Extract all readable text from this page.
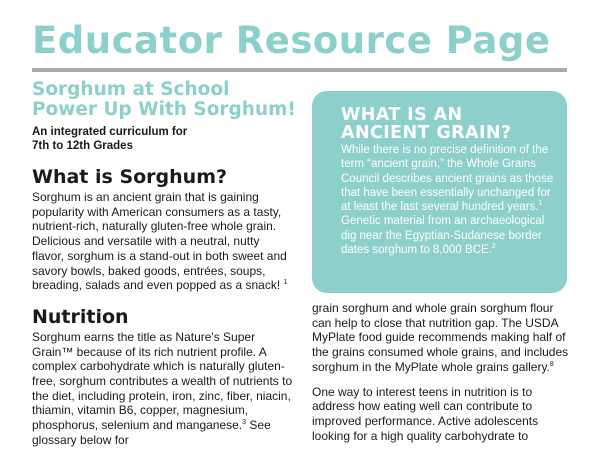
Educator Resource Page
Sorghum at School
Power Up With Sorghum!

An integrated curriculum for
7th to 12th Grades

What is Sorghum?

Sorghum is an ancient grain that is gaining popularity with American consumers as a tasty, nutrient-rich, naturally gluten-free whole grain. Delicious and versatile with a neutral, nutty flavor, sorghum is a stand-out in both sweet and savory bowls, baked goods, entrées, soups, breading, salads and even popped as a snack! $^1$

Nutrition

Sorghum earns the title as Nature's Super Grain™ because of its rich nutrient profile. A complex carbohydrate which is naturally gluten-free, sorghum contributes a wealth of nutrients to the diet, including protein, iron, zinc, fiber, niacin, thiamin, vitamin B6, copper, magnesium, phosphorus, selenium and manganese.$^3$ See glossary below for

WHAT IS AN
ANCIENT GRAIN?

While there is no precise definition of the term “ancient grain,” the Whole Grains Council describes ancient grains as those that have been essentially unchanged for at least the last several hundred years.$^1$ Genetic material from an archaeological dig near the Egyptian-Sudanese border dates sorghum to 8,000 BCE.$^2$

grain sorghum and whole grain sorghum flour can help to close that nutrition gap. The USDA MyPlate food guide recommends making half of the grains consumed whole grains, and includes sorghum in the MyPlate whole grains gallery.$^8$

One way to interest teens in nutrition is to address how eating well can contribute to improved performance. Active adolescents looking for a high quality carbohydrate to
